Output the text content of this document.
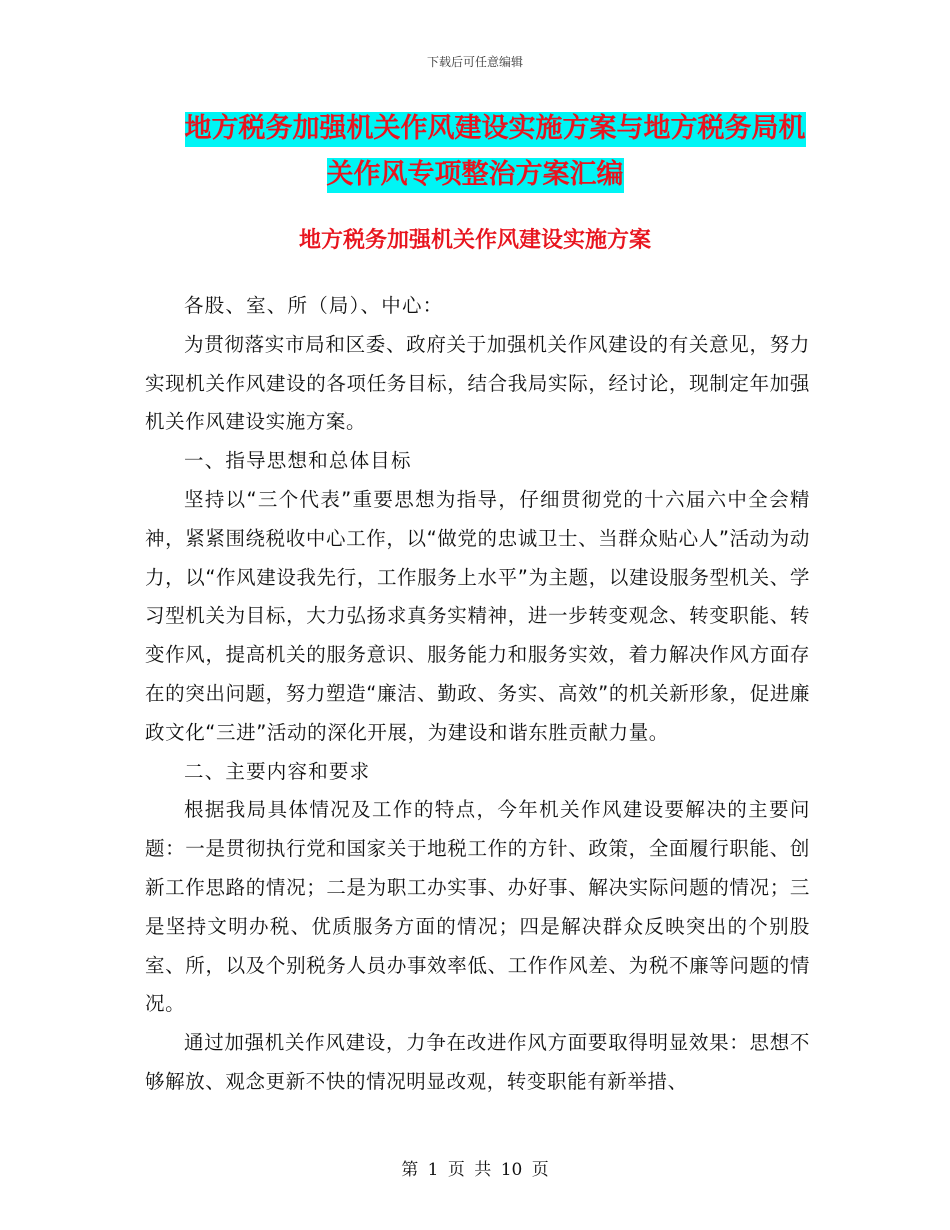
下载后可任意编辑
地方税务加强机关作风建设实施方案与地方税务局机
关作风专项整治方案汇编
地方税务加强机关作风建设实施方案

各股、室、所（局）、中心：

为贯彻落实市局和区委、政府关于加强机关作风建设的有关意见，努力实现机关作风建设的各项任务目标，结合我局实际，经讨论，现制定年加强机关作风建设实施方案。

一、指导思想和总体目标

坚持以“三个代表”重要思想为指导，仔细贯彻党的十六届六中全会精神，紧紧围绕税收中心工作，以“做党的忠诚卫士、当群众贴心人”活动为动力，以“作风建设我先行，工作服务上水平”为主题，以建设服务型机关、学习型机关为目标，大力弘扬求真务实精神，进一步转变观念、转变职能、转变作风，提高机关的服务意识、服务能力和服务实效，着力解决作风方面存在的突出问题，努力塑造“廉洁、勤政、务实、高效”的机关新形象，促进廉政文化“三进”活动的深化开展，为建设和谐东胜贡献力量。

二、主要内容和要求

根据我局具体情况及工作的特点，今年机关作风建设要解决的主要问题：一是贯彻执行党和国家关于地税工作的方针、政策，全面履行职能、创新工作思路的情况；二是为职工办实事、办好事、解决实际问题的情况；三是坚持文明办税、优质服务方面的情况；四是解决群众反映突出的个别股室、所，以及个别税务人员办事效率低、工作作风差、为税不廉等问题的情况。

通过加强机关作风建设，力争在改进作风方面要取得明显效果：思想不够解放、观念更新不快的情况明显改观，转变职能有新举措、

第 1 页 共 10 页
